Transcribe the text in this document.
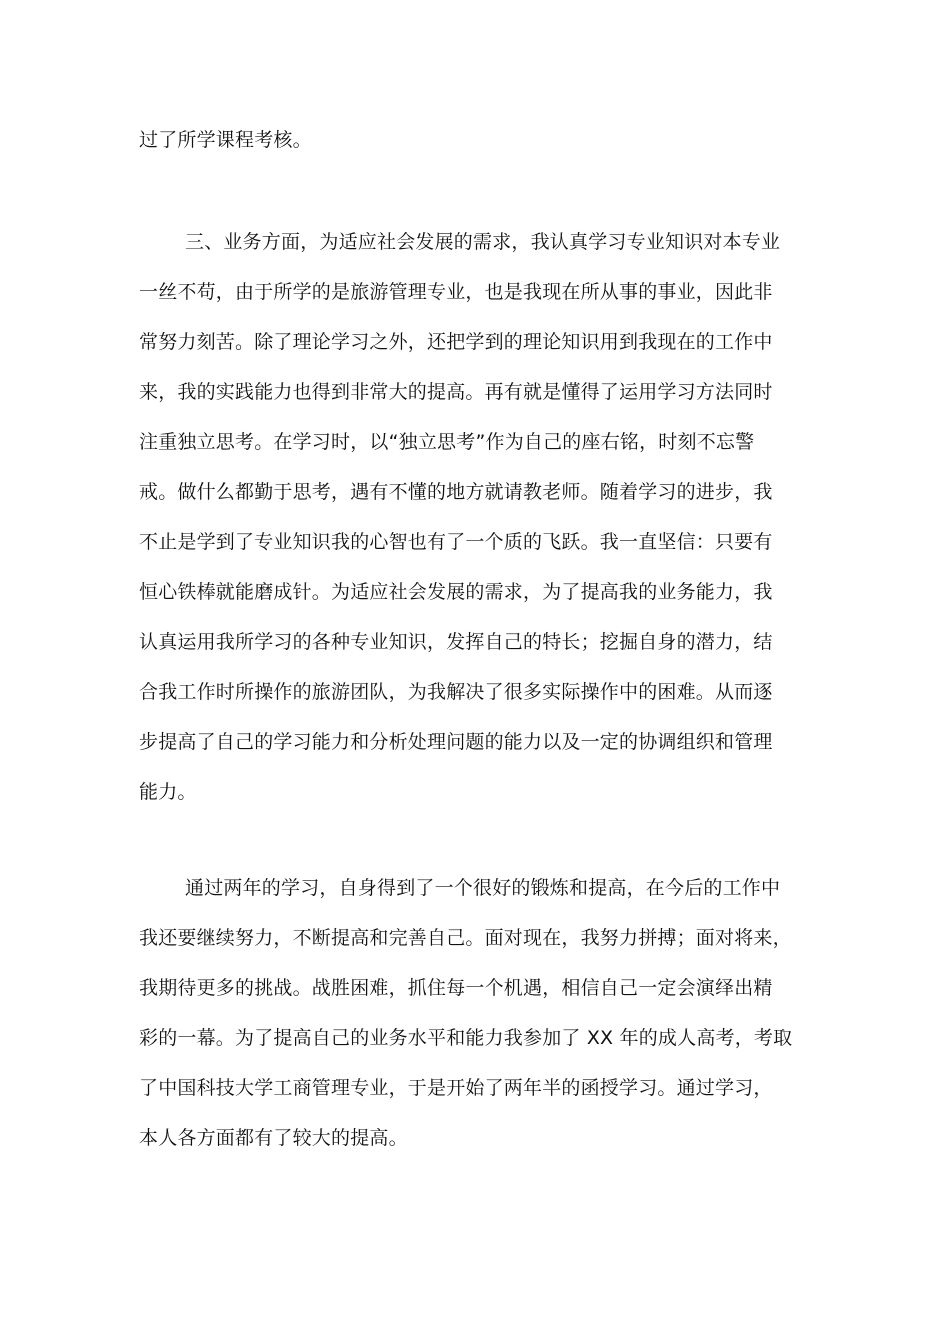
过了所学课程考核。
三、业务方面，为适应社会发展的需求，我认真学习专业知识对本专业
一丝不苟，由于所学的是旅游管理专业，也是我现在所从事的事业，因此非
常努力刻苦。除了理论学习之外，还把学到的理论知识用到我现在的工作中
来，我的实践能力也得到非常大的提高。再有就是懂得了运用学习方法同时
注重独立思考。在学习时，以“独立思考”作为自己的座右铭，时刻不忘警
戒。做什么都勤于思考，遇有不懂的地方就请教老师。随着学习的进步，我
不止是学到了专业知识我的心智也有了一个质的飞跃。我一直坚信：只要有
恒心铁棒就能磨成针。为适应社会发展的需求，为了提高我的业务能力，我
认真运用我所学习的各种专业知识，发挥自己的特长；挖掘自身的潜力，结
合我工作时所操作的旅游团队，为我解决了很多实际操作中的困难。从而逐
步提高了自己的学习能力和分析处理问题的能力以及一定的协调组织和管理
能力。
通过两年的学习，自身得到了一个很好的锻炼和提高，在今后的工作中
我还要继续努力，不断提高和完善自己。面对现在，我努力拼搏；面对将来，
我期待更多的挑战。战胜困难，抓住每一个机遇，相信自己一定会演绎出精
彩的一幕。为了提高自己的业务水平和能力我参加了 XX 年的成人高考，考取
了中国科技大学工商管理专业，于是开始了两年半的函授学习。通过学习，
本人各方面都有了较大的提高。
